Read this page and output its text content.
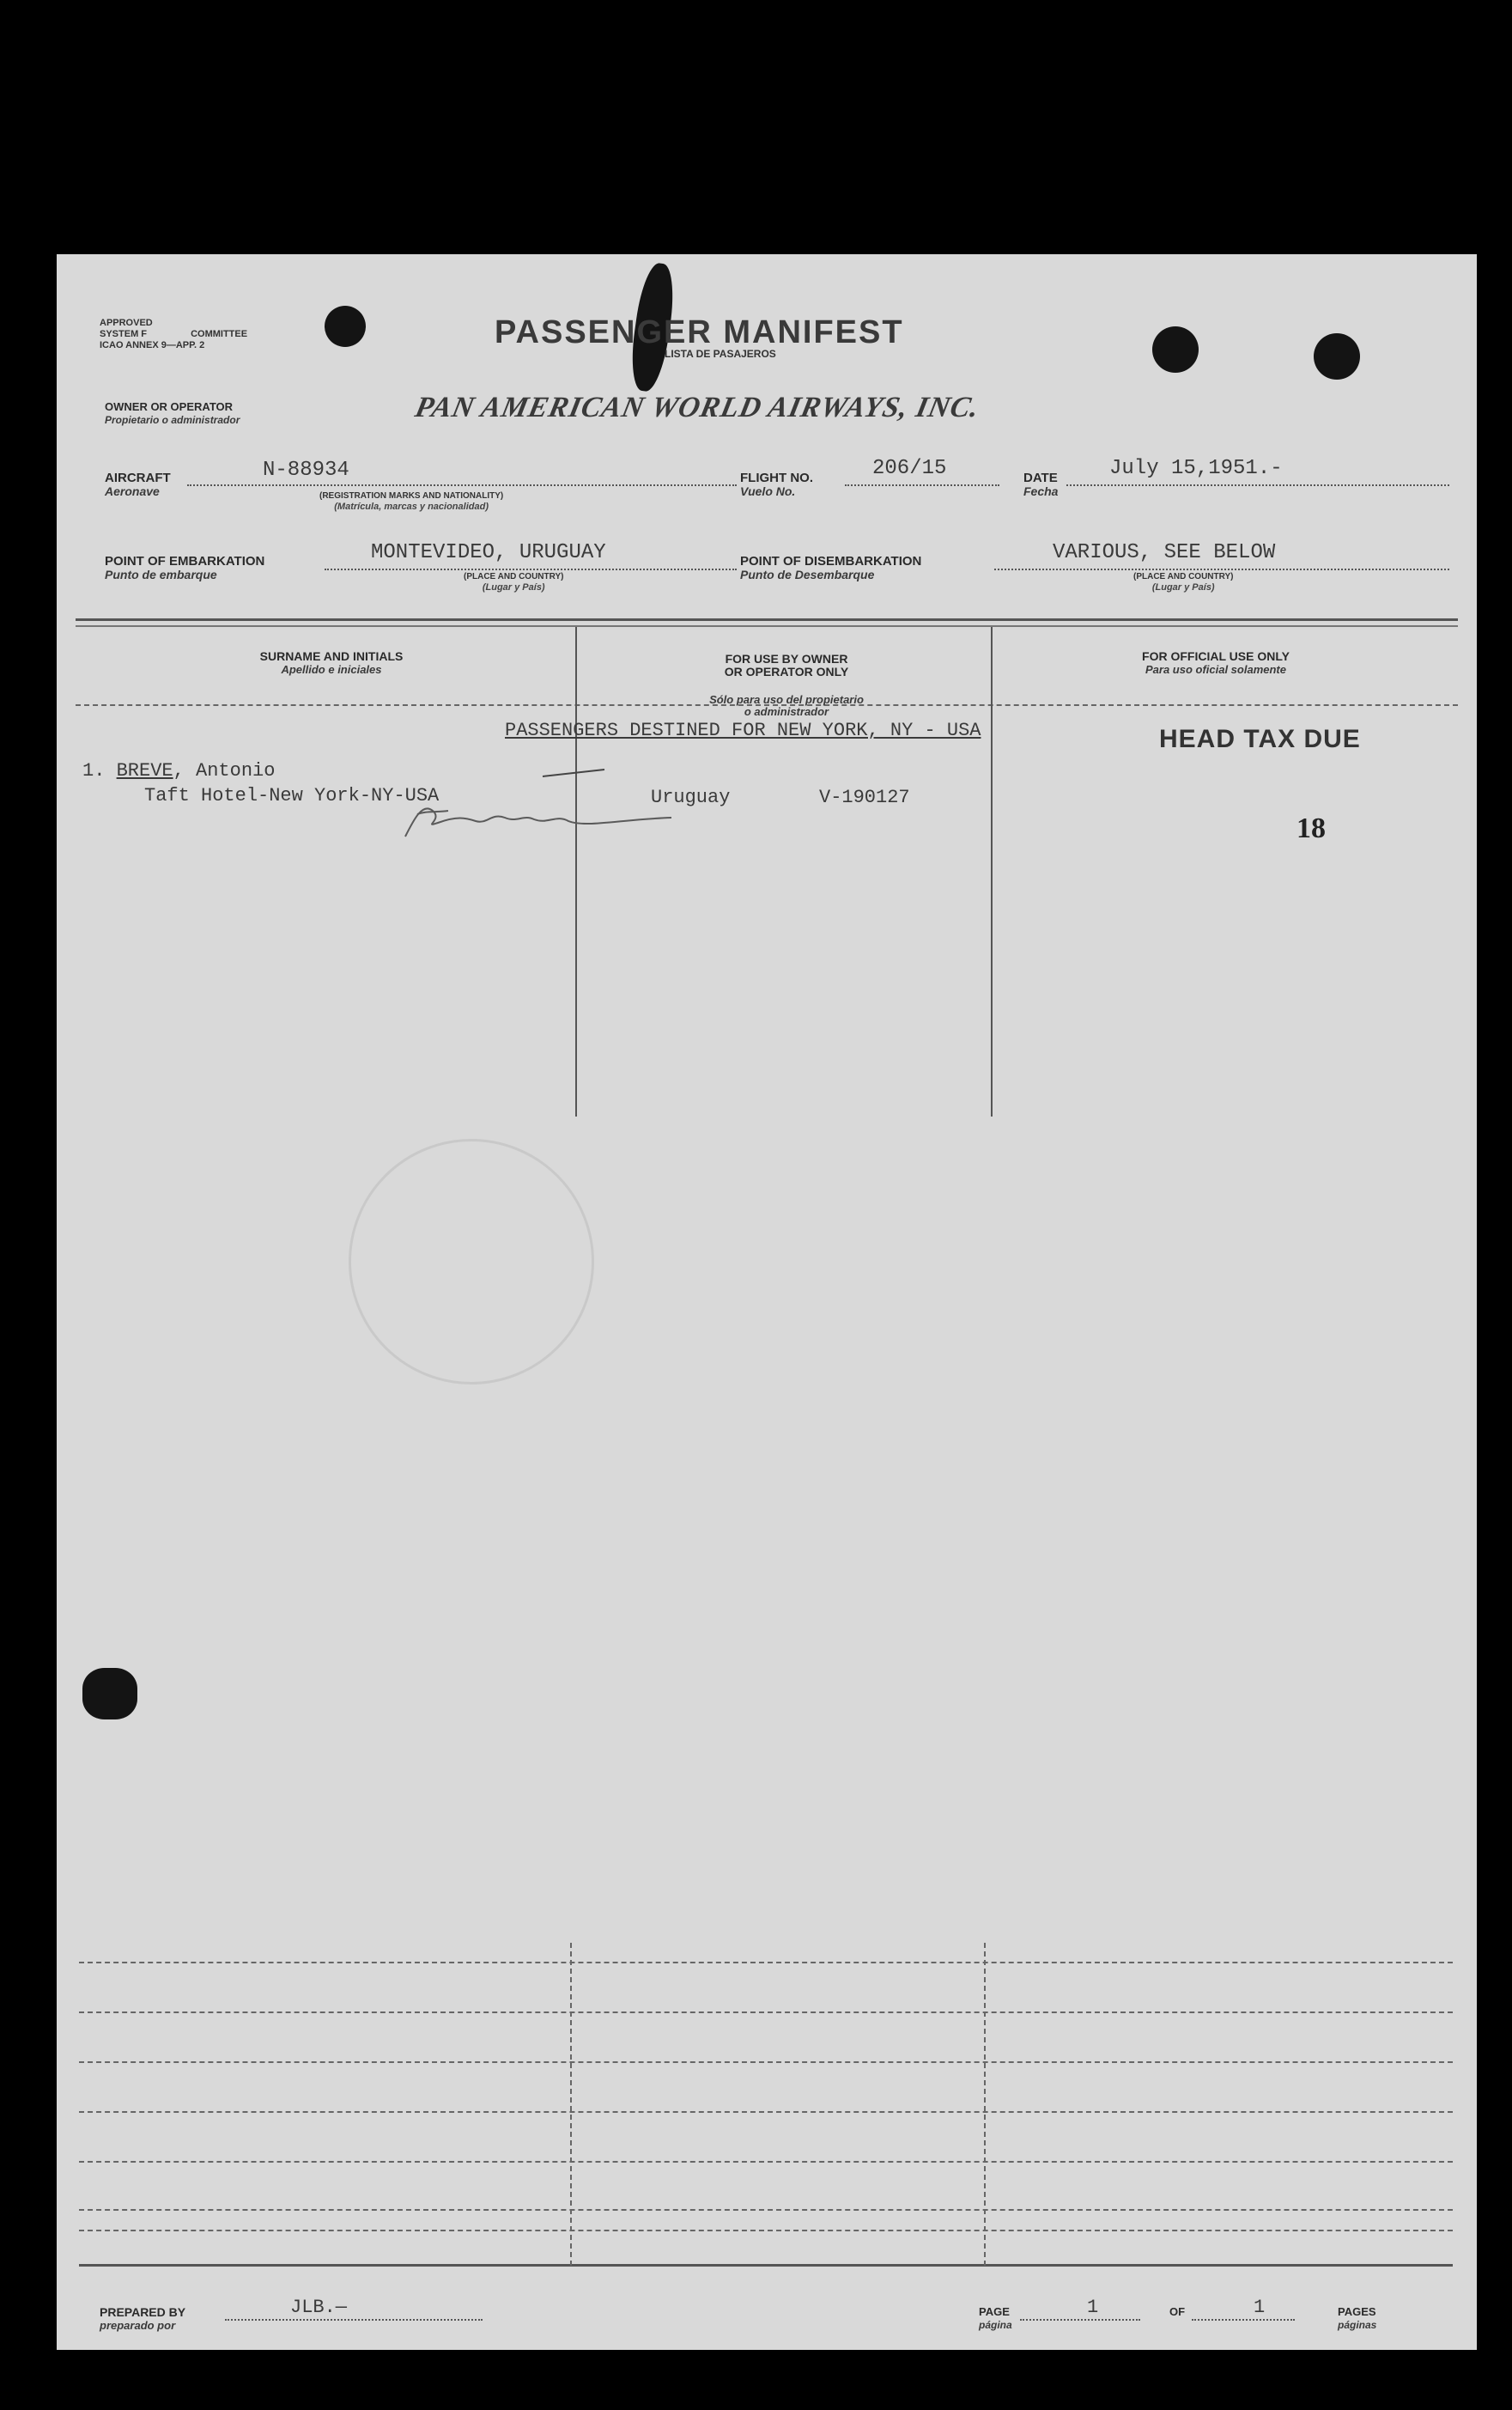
APPROVED
SYSTEM F	COMMITTEE
ICAO ANNEX 9—APP. 2	PASSENGER MANIFEST
LISTA DE PASAJEROS
OWNER OR OPERATOR
Propietario o administrador	PAN AMERICAN WORLD AIRWAYS, INC.
AIRCRAFT
Aeronave
N-88934
(REGISTRATION MARKS AND NATIONALITY)
(Matrícula, marcas y nacionalidad)
FLIGHT NO.
Vuelo No.
206/15	DATE
Fecha
July 15,1951.-
POINT OF EMBARKATION
Punto de embarque
MONTEVIDEO, URUGUAY
(PLACE AND COUNTRY)
(Lugar y País)
POINT OF DISEMBARKATION
Punto de Desembarque
VARIOUS, SEE BELOW
(PLACE AND COUNTRY)
(Lugar y País)
SURNAME AND INITIALS
Apellido e iniciales

FOR USE BY OWNER
OR OPERATOR ONLY

Sólo para uso del propietario
o administrador

FOR OFFICIAL USE ONLY
Para uso oficial solamente
PASSENGERS DESTINED FOR NEW YORK, NY - USA	HEAD TAX DUE
1. BREVE, Antonio
Taft Hotel-New York-NY-USA	Uruguay	V-190127
18
PREPARED BY
preparado por
JLB.—	PAGE
página
1	OF	1	PAGES
páginas
